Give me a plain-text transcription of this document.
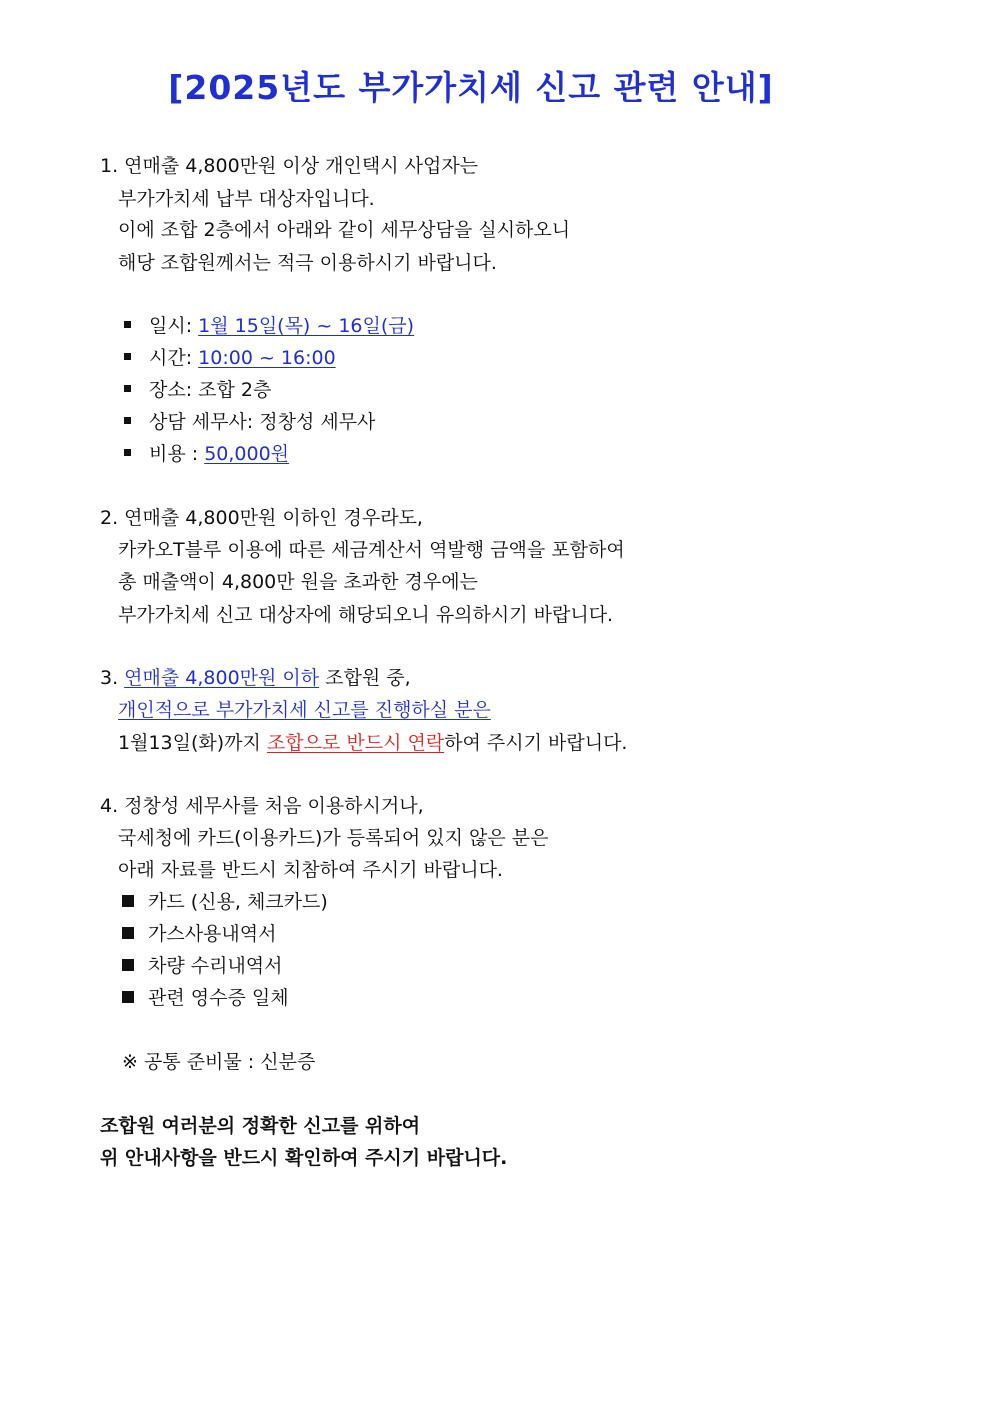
[2025년도 부가가치세 신고 관련 안내]
1. 연매출 4,800만원 이상 개인택시 사업자는
부가가치세 납부 대상자입니다.
이에 조합 2층에서 아래와 같이 세무상담을 실시하오니
해당 조합원께서는 적극 이용하시기 바랍니다.
일시: 1월 15일(목) ~ 16일(금)
시간: 10:00 ~ 16:00
장소: 조합 2층
상담 세무사: 정창성 세무사
비용 : 50,000원
2. 연매출 4,800만원 이하인 경우라도,
카카오T블루 이용에 따른 세금계산서 역발행 금액을 포함하여
총 매출액이 4,800만 원을 초과한 경우에는
부가가치세 신고 대상자에 해당되오니 유의하시기 바랍니다.
3. 연매출 4,800만원 이하 조합원 중,
개인적으로 부가가치세 신고를 진행하실 분은
1월13일(화)까지 조합으로 반드시 연락하여 주시기 바랍니다.
4. 정창성 세무사를 처음 이용하시거나,
국세청에 카드(이용카드)가 등록되어 있지 않은 분은
아래 자료를 반드시 치참하여 주시기 바랍니다.
카드 (신용, 체크카드)
가스사용내역서
차량 수리내역서
관련 영수증 일체
※ 공통 준비물 : 신분증
조합원 여러분의 정확한 신고를 위하여
위 안내사항을 반드시 확인하여 주시기 바랍니다.
